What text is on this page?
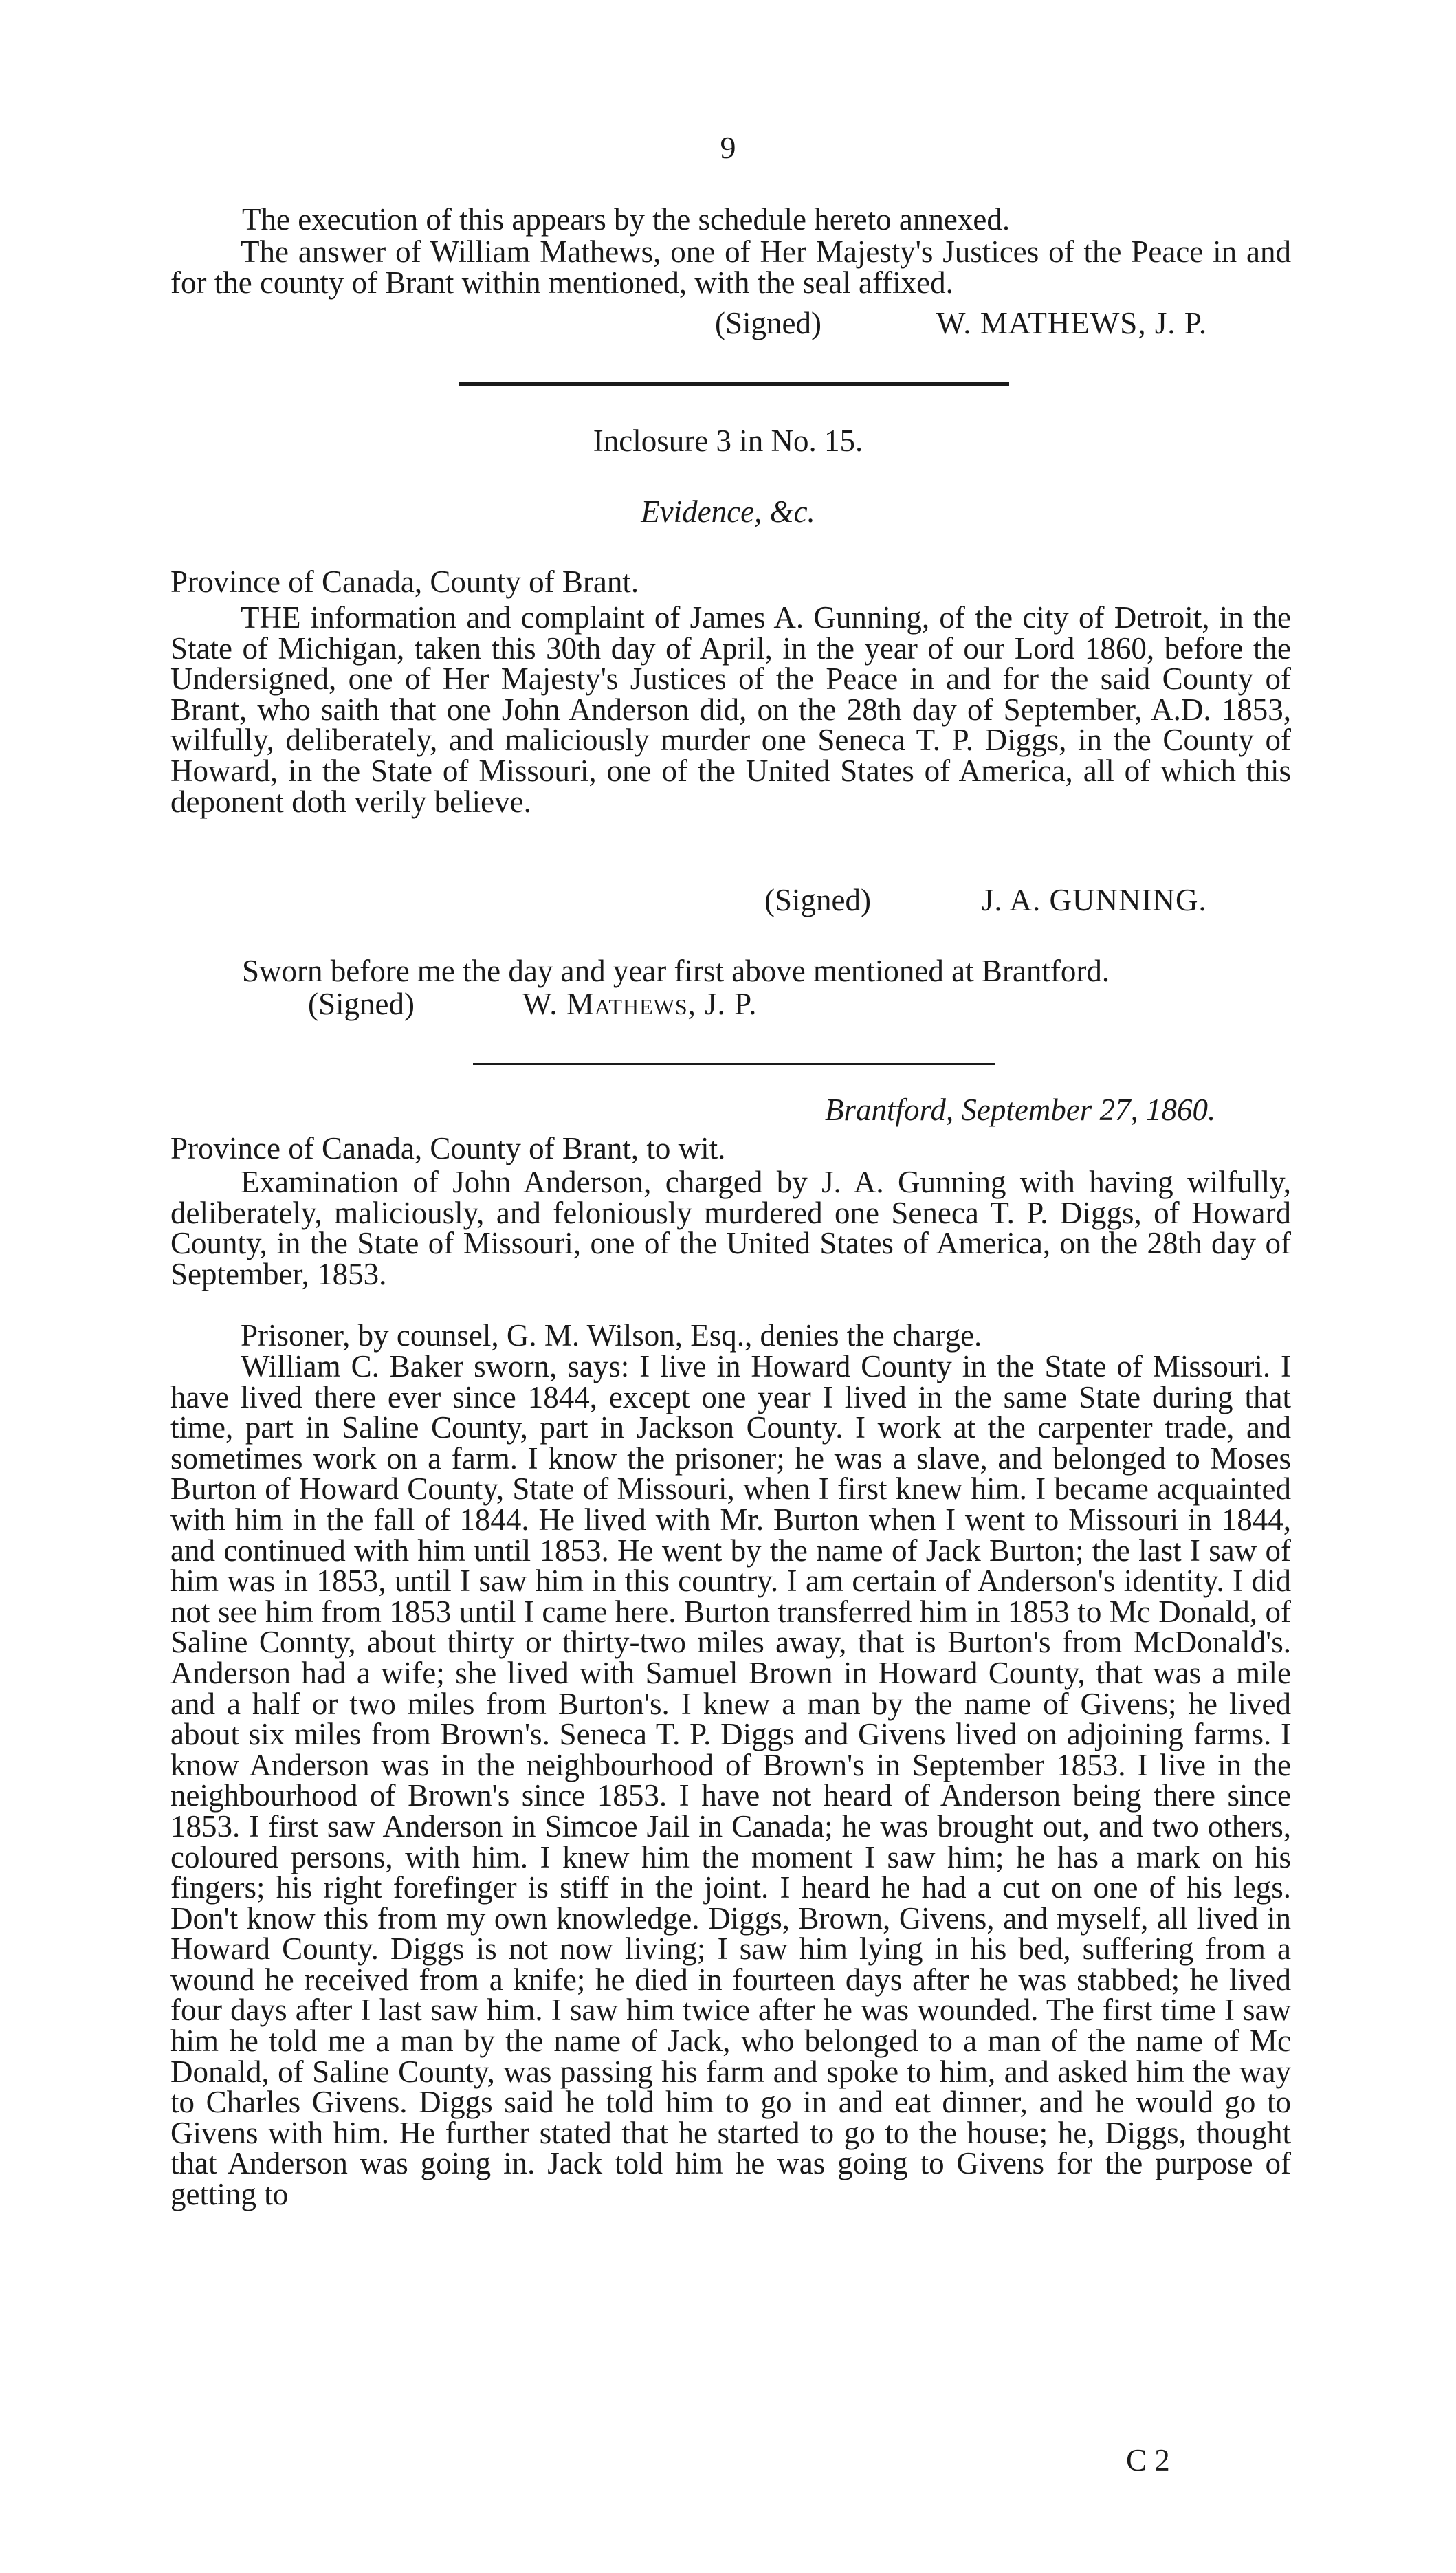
9
The execution of this appears by the schedule hereto annexed.
The answer of William Mathews, one of Her Majesty's Justices of the Peace in and for the county of Brant within mentioned, with the seal affixed.
(Signed)	W. MATHEWS, J. P.
Inclosure 3 in No. 15.
Evidence, &c.
Province of Canada, County of Brant.
THE information and complaint of James A. Gunning, of the city of Detroit, in the State of Michigan, taken this 30th day of April, in the year of our Lord 1860, before the Undersigned, one of Her Majesty's Justices of the Peace in and for the said County of Brant, who saith that one John Anderson did, on the 28th day of September, A.D. 1853, wilfully, deliberately, and maliciously murder one Seneca T. P. Diggs, in the County of Howard, in the State of Missouri, one of the United States of America, all of which this deponent doth verily believe.
(Signed)	J. A. GUNNING.
Sworn before me the day and year first above mentioned at Brantford.
(Signed)	W. Mathews, J. P.
Brantford, September 27, 1860.
Province of Canada, County of Brant, to wit.
Examination of John Anderson, charged by J. A. Gunning with having wilfully, deliberately, maliciously, and feloniously murdered one Seneca T. P. Diggs, of Howard County, in the State of Missouri, one of the United States of America, on the 28th day of September, 1853.
Prisoner, by counsel, G. M. Wilson, Esq., denies the charge.
William C. Baker sworn, says: I live in Howard County in the State of Missouri. I have lived there ever since 1844, except one year I lived in the same State during that time, part in Saline County, part in Jackson County. I work at the carpenter trade, and sometimes work on a farm. I know the prisoner; he was a slave, and belonged to Moses Burton of Howard County, State of Missouri, when I first knew him. I became acquainted with him in the fall of 1844. He lived with Mr. Burton when I went to Missouri in 1844, and continued with him until 1853. He went by the name of Jack Burton; the last I saw of him was in 1853, until I saw him in this country. I am certain of Anderson's identity. I did not see him from 1853 until I came here. Burton transferred him in 1853 to Mc Donald, of Saline Connty, about thirty or thirty-two miles away, that is Burton's from McDonald's. Anderson had a wife; she lived with Samuel Brown in Howard County, that was a mile and a half or two miles from Burton's. I knew a man by the name of Givens; he lived about six miles from Brown's. Seneca T. P. Diggs and Givens lived on adjoining farms. I know Anderson was in the neighbourhood of Brown's in September 1853. I live in the neighbourhood of Brown's since 1853. I have not heard of Anderson being there since 1853. I first saw Anderson in Simcoe Jail in Canada; he was brought out, and two others, coloured persons, with him. I knew him the moment I saw him; he has a mark on his fingers; his right forefinger is stiff in the joint. I heard he had a cut on one of his legs. Don't know this from my own knowledge. Diggs, Brown, Givens, and myself, all lived in Howard County. Diggs is not now living; I saw him lying in his bed, suffering from a wound he received from a knife; he died in fourteen days after he was stabbed; he lived four days after I last saw him. I saw him twice after he was wounded. The first time I saw him he told me a man by the name of Jack, who belonged to a man of the name of Mc Donald, of Saline County, was passing his farm and spoke to him, and asked him the way to Charles Givens. Diggs said he told him to go in and eat dinner, and he would go to Givens with him. He further stated that he started to go to the house; he, Diggs, thought that Anderson was going in. Jack told him he was going to Givens for the purpose of getting to
C 2
